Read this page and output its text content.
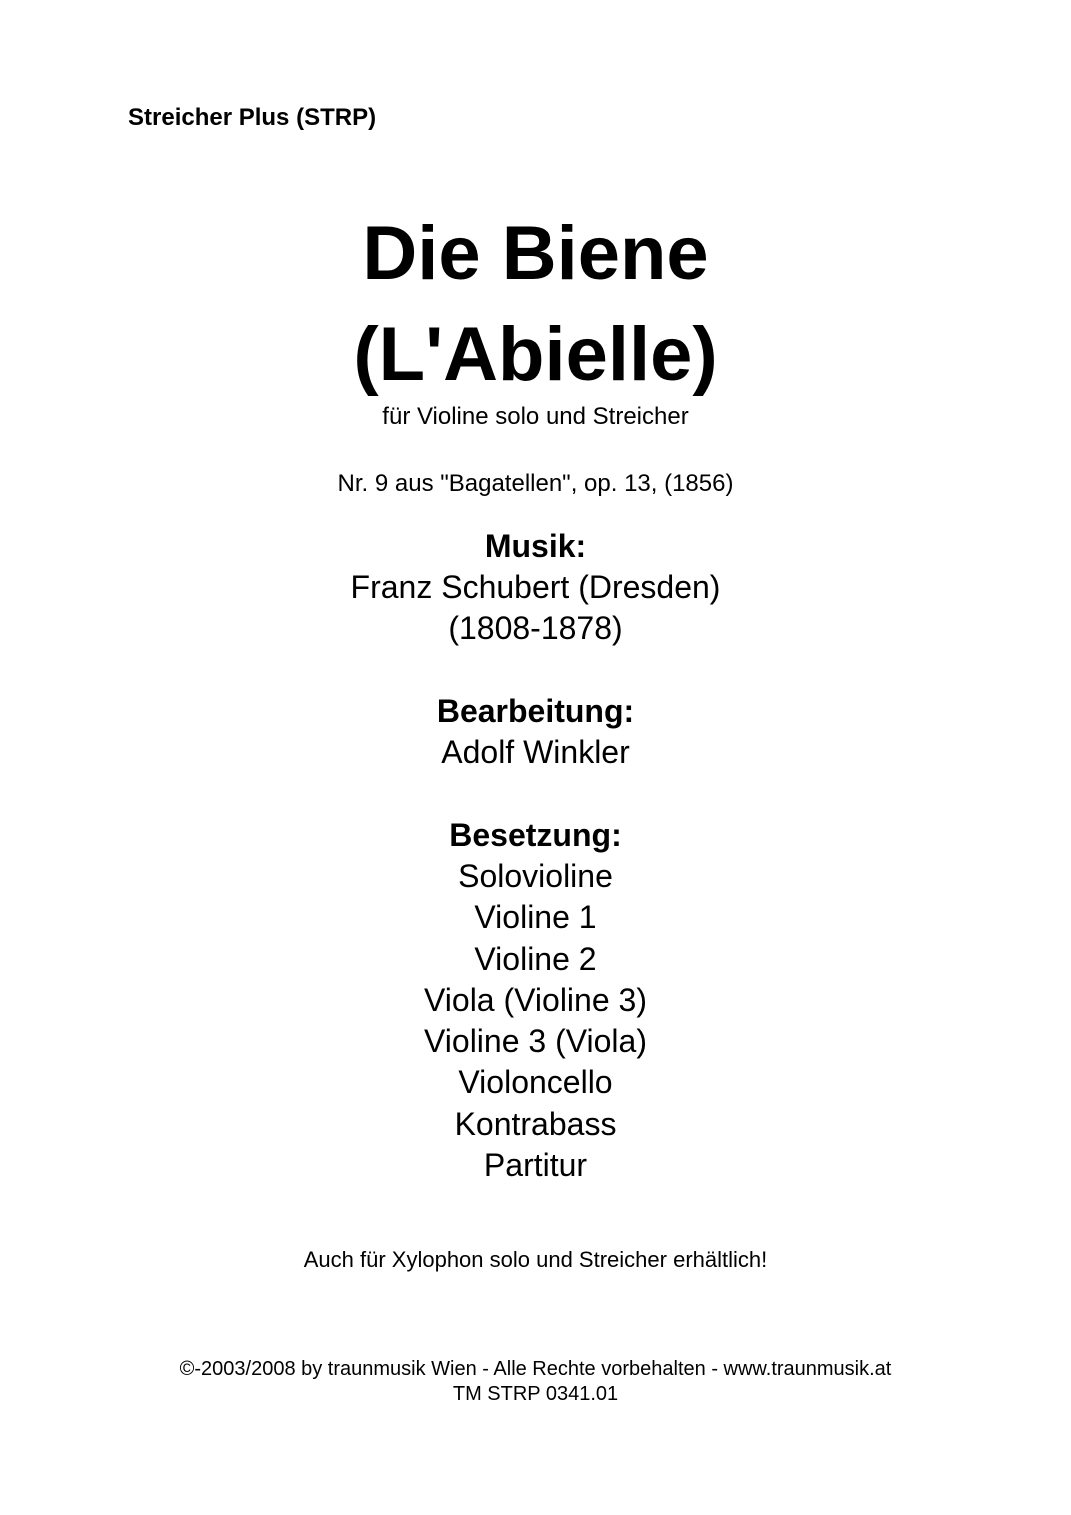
Streicher Plus (STRP)
Die Biene
(L'Abielle)
für Violine solo und Streicher
Nr. 9 aus "Bagatellen", op. 13, (1856)
Musik:
Franz Schubert (Dresden)
(1808-1878)
Bearbeitung:
Adolf Winkler
Besetzung:
Solovioline
Violine 1
Violine 2
Viola (Violine 3)
Violine 3 (Viola)
Violoncello
Kontrabass
Partitur
Auch für Xylophon solo und Streicher erhältlich!
©-2003/2008 by traunmusik Wien - Alle Rechte vorbehalten - www.traunmusik.at
TM STRP 0341.01
